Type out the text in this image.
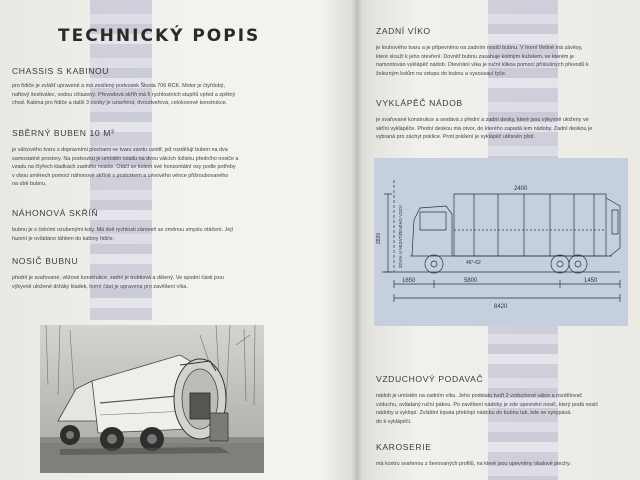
TECHNICKÝ POPIS
CHASSIS S KABINOU
pro řidiče je zvlášť upravené a má zesílený podvozek Škoda 706 RCK. Motor je čtyřdobý,
naftový šestiválec, vodou chlazený. Převodová skříň má 5 rychlostních stupňů vpřed a zpětný
chod. Kabina pro řidiče a další 3 osoby je uzavřená, dvoudveřová, celokovové konstrukce.
SBĚRNÝ BUBEN 10 M³
je válcového tvaru s dopravními plochami ve tvaru závitu uvnitř, jež rozdělují buben na dva
samostatné prostory. Na podvozku je umístěn vzadu na dvou válcích ložisku předního nosiče a
vzadu na čtyřech kladkách zadního nosiče. Otáčí se kolem své horizontální osy podle potřeby
v obou směrech pomocí náhonové skříně s postorkem a cévového věnce přišroubovaného
na obě bubnu.
NÁHONOVÁ SKŘÍŇ
bubnu je s čelními ozubenými koly. Má dvě rychlosti zároveň se změnou smyslu otáčení. Její
řazení je ovládáno táhlem do kabiny řidiče.
NOSIČ BUBNU
přední je svařované, věžové konstrukce, zadní je trubková a dělený. Ve spodní části jsou
výkyvně uložené držáky kladek, horní část je upravena pro zavěšení víka.
ZADNÍ VÍKO
je kruhového tvaru a je připevněno na zadním nosiči bubnu. V horní třetině má závěsy,
které slouží k jeho otevření. Dovnitř bubnu zasahuje kolmým kuželem, ve kterém je
namontován vyklápěč nádob. Otevírání víka je ruční klikou pomocí příslušných převodů k
železným kolům na vstupu do bubnu a vysouvací tyče.
VYKLÁPĚČ NÁDOB
je svařované konstrukce a sestává z přední a zadní desky, které jsou výkyvně uloženy ve
skříni vyklápěče. Přední deskou má otvor, do kterého zapadá lem nádoby. Zadní deskou je
vybraná pro záchyt poklice. Proti prášení je vyklápěč utěsněn plstí.
5800
8420
1650	1450
46°-62
2400
2820	ZDVIH U NEZATÍŽENÉHO VOZU
VZDUCHOVÝ PODAVAČ
nádob je umístěn na zadním víku. Jeho podstatu tvoří 2 vzduchové válce a rozdělovač
vzduchu, ovládaný ruční pákou. Po zavěšení nádoby je zde upevnění nosič, který podá nosič
nádoby a vyklopí. Zvláštní lopata překlopí nádobu do bubnu tak, kde se vysypává.
do k vyklápěči.
KAROSERIE
má kostru svařenou z ševovaných profilů, na které jsou upevněny obalové plechy.
